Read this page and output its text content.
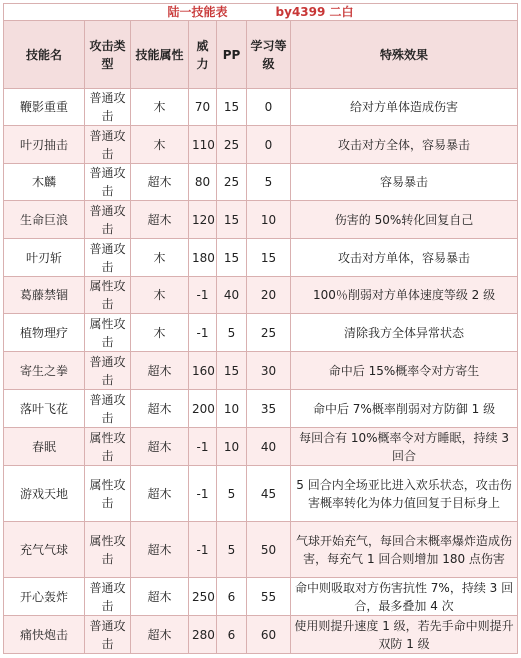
陆一技能表 by4399 二白						
技能名	攻击类型	技能属性	威力	PP	学习等级	特殊效果
鞭影重重	普通攻击	木	70	15	0	给对方单体造成伤害
叶刃抽击	普通攻击	木	110	25	0	攻击对方全体，容易暴击
木麟	普通攻击	超木	80	25	5	容易暴击
生命巨浪	普通攻击	超木	120	15	10	伤害的 50%转化回复自己
叶刃斩	普通攻击	木	180	15	15	攻击对方单体，容易暴击
葛藤禁锢	属性攻击	木	-1	40	20	100％削弱对方单体速度等级 2 级
植物理疗	属性攻击	木	-1	5	25	清除我方全体异常状态
寄生之拳	普通攻击	超木	160	15	30	命中后 15%概率令对方寄生
落叶飞花	普通攻击	超木	200	10	35	命中后 7%概率削弱对方防御 1 级
春眠	属性攻击	超木	-1	10	40	每回合有 10%概率令对方睡眠，持续 3 回合
游戏天地	属性攻击	超木	-1	5	45	5 回合内全场亚比进入欢乐状态，攻击伤害概率转化为体力值回复于目标身上
充气气球	属性攻击	超木	-1	5	50	气球开始充气，每回合末概率爆炸造成伤害，每充气 1 回合则增加 180 点伤害
开心轰炸	普通攻击	超木	250	6	55	命中则吸取对方伤害抗性 7%，持续 3 回合，最多叠加 4 次
痛快炮击	普通攻击	超木	280	6	60	使用则提升速度 1 级，若先手命中则提升双防 1 级
